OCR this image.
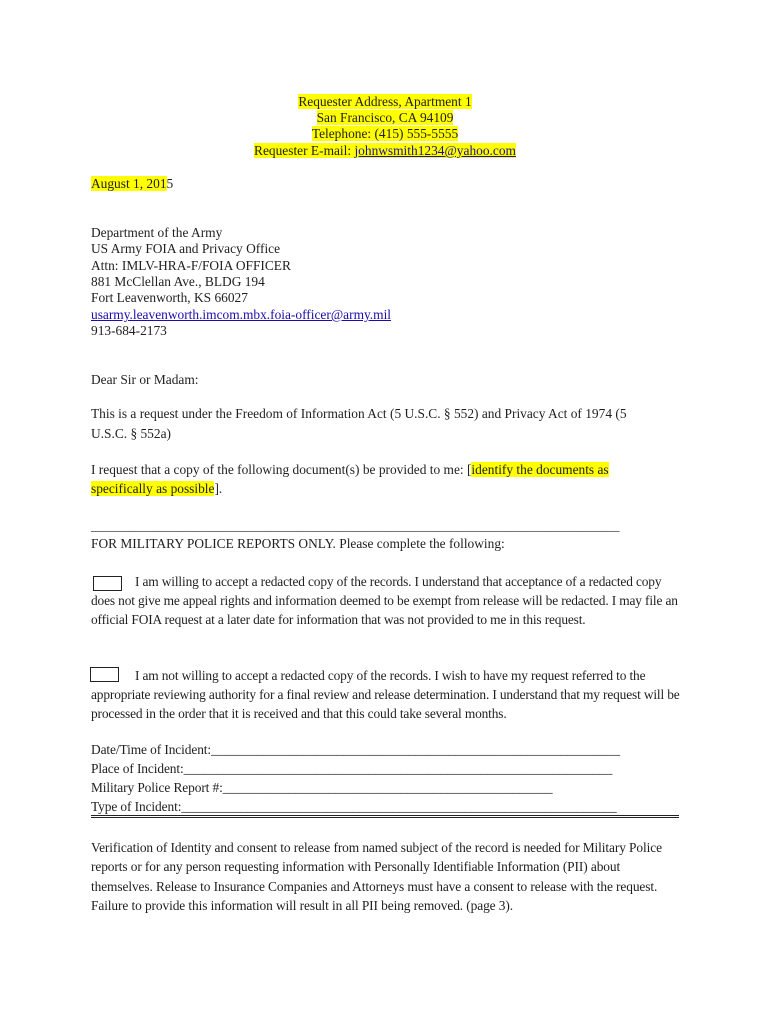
Requester Address, Apartment 1
San Francisco, CA 94109
Telephone: (415) 555-5555
Requester E-mail: johnwsmith1234@yahoo.com
August 1, 2015
Department of the Army
US Army FOIA and Privacy Office
Attn: IMLV-HRA-F/FOIA OFFICER
881 McClellan Ave., BLDG 194
Fort Leavenworth, KS 66027
usarmy.leavenworth.imcom.mbx.foia-officer@army.mil
913-684-2173
Dear Sir or Madam:
This is a request under the Freedom of Information Act (5 U.S.C. § 552) and Privacy Act of 1974 (5 U.S.C. § 552a)
I request that a copy of the following document(s) be provided to me: [identify the documents as specifically as possible].
_____________________________________________________________________________________
FOR MILITARY POLICE REPORTS ONLY. Please complete the following:
I am willing to accept a redacted copy of the records. I understand that acceptance of a redacted copy does not give me appeal rights and information deemed to be exempt from release will be redacted. I may file an official FOIA request at a later date for information that was not provided to me in this request.
I am not willing to accept a redacted copy of the records. I wish to have my request referred to the appropriate reviewing authority for a final review and release determination. I understand that my request will be processed in the order that it is received and that this could take several months.
Date/Time of Incident:______________________________________________________________
Place of Incident:_________________________________________________________________
Military Police Report #:__________________________________________________
Type of Incident:__________________________________________________________________
Verification of Identity and consent to release from named subject of the record is needed for Military Police reports or for any person requesting information with Personally Identifiable Information (PII) about themselves. Release to Insurance Companies and Attorneys must have a consent to release with the request. Failure to provide this information will result in all PII being removed. (page 3).
